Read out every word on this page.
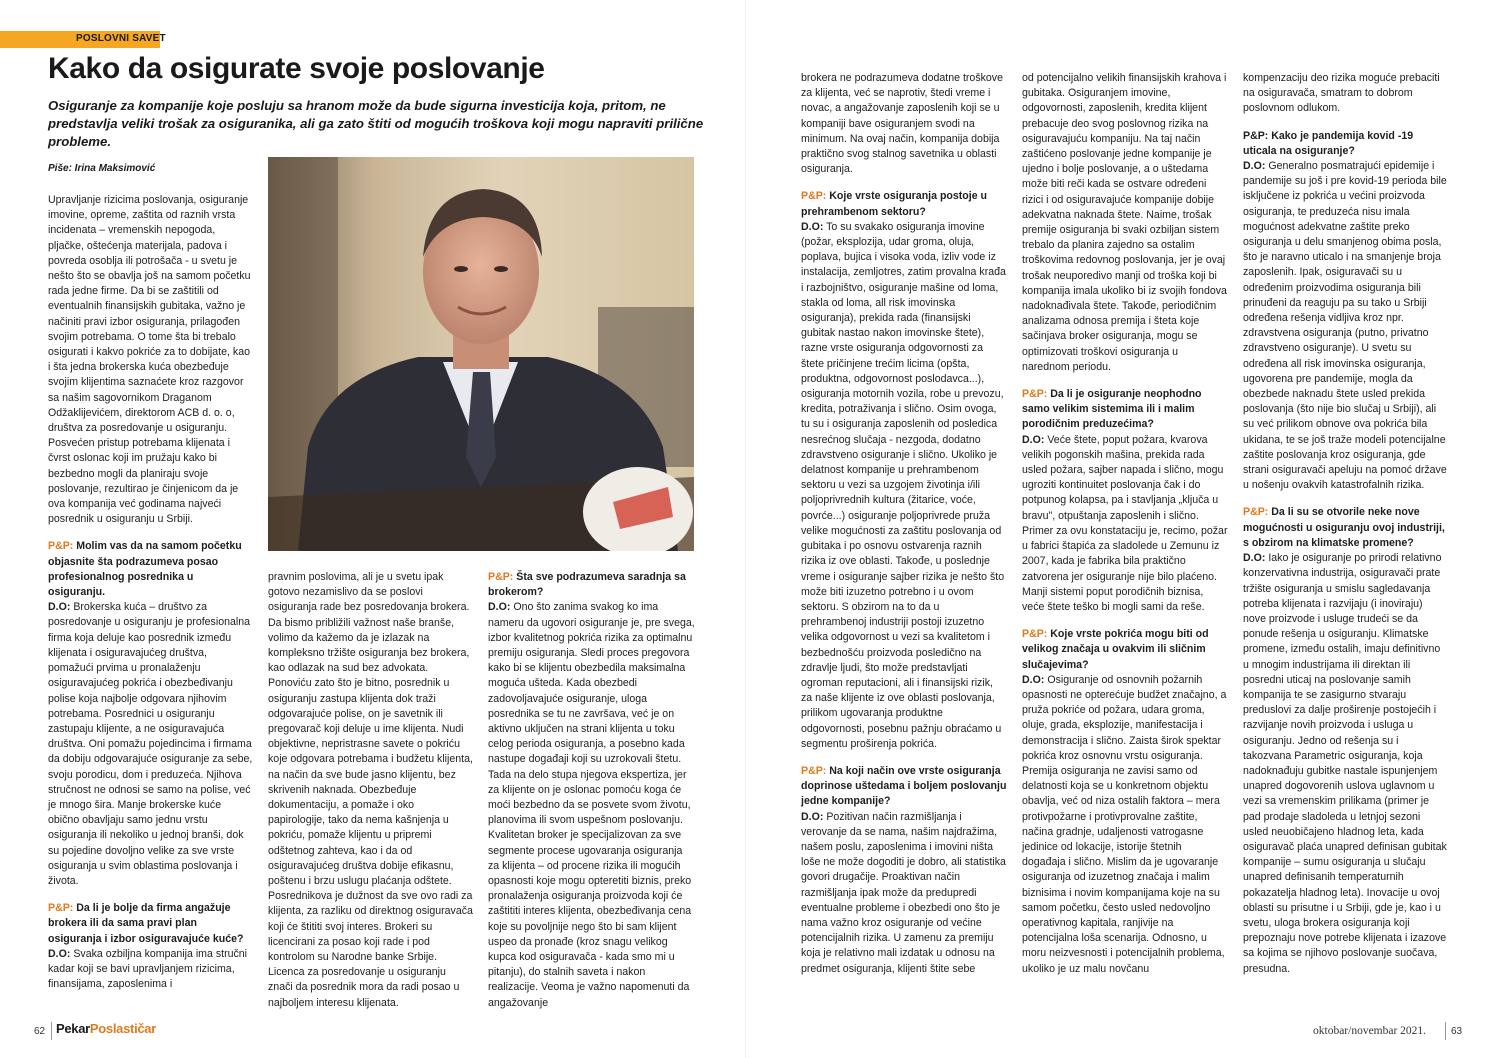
POSLOVNI SAVET
Kako da osigurate svoje poslovanje
Osiguranje za kompanije koje posluju sa hranom može da bude sigurna investicija koja, pritom, ne predstavlja veliki trošak za osiguranika, ali ga zato štiti od mogućih troškova koji mogu napraviti prilične probleme.
Piše: Irina Maksimović

Upravljanje rizicima poslovanja, osiguranje imovine, opreme, zaštita od raznih vrsta incidenata – vremenskih nepogoda, pljačke, oštećenja materijala, padova i povreda osoblja ili potrošača - u svetu je nešto što se obavlja još na samom početku rada jedne firme. Da bi se zaštitili od eventualnih finansijskih gubitaka, važno je načiniti pravi izbor osiguranja, prilagođen svojim potrebama. O tome šta bi trebalo osigurati i kakvo pokriće za to dobijate, kao i šta jedna brokerska kuća obezbeđuje svojim klijentima saznaćete kroz razgovor sa našim sagovornikom Draganom Odžaklijevićem, direktorom ACB d. o. o, društva za posredovanje u osiguranju. Posvećen pristup potrebama klijenata i čvrst oslonac koji im pružaju kako bi bezbedno mogli da planiraju svoje poslovanje, rezultirao je činjenicom da je ova kompanija već godinama najveći posrednik u osiguranju u Srbiji.

P&P: Molim vas da na samom početku objasnite šta podrazumeva posao profesionalnog posrednika u osiguranju.

D.O: Brokerska kuća – društvo za posredovanje u osiguranju je profesionalna firma koja deluje kao posrednik između klijenata i osiguravajućeg društva, pomažući prvima u pronalaženju osiguravajućeg pokrića i obezbeđivanju polise koja najbolje odgovara njihovim potrebama. Posrednici u osiguranju zastupaju klijente, a ne osiguravajuća društva. Oni pomažu pojedincima i firmama da dobiju odgovarajuće osiguranje za sebe, svoju porodicu, dom i preduzeća. Njihova stručnost ne odnosi se samo na polise, već je mnogo šira. Manje brokerske kuće obično obavljaju samo jednu vrstu osiguranja ili nekoliko u jednoj branši, dok su pojedine dovoljno velike za sve vrste osiguranja u svim oblastima poslovanja i života.

P&P: Da li je bolje da firma angažuje brokera ili da sama pravi plan osiguranja i izbor osiguravajuće kuće?

D.O: Svaka ozbiljna kompanija ima stručni kadar koji se bavi upravljanjem rizicima, finansijama, zaposlenima i

pravnim poslovima, ali je u svetu ipak gotovo nezamislivo da se poslovi osiguranja rade bez posredovanja brokera. Da bismo približili važnost naše branše, volimo da kažemo da je izlazak na kompleksno tržište osiguranja bez brokera, kao odlazak na sud bez advokata. Ponoviću zato što je bitno, posrednik u osiguranju zastupa klijenta dok traži odgovarajuće polise, on je savetnik ili pregovarač koji deluje u ime klijenta. Nudi objektivne, nepristrasne savete o pokriću koje odgovara potrebama i budžetu klijenta, na način da sve bude jasno klijentu, bez skrivenih naknada. Obezbeđuje dokumentaciju, a pomaže i oko papirologije, tako da nema kašnjenja u pokriću, pomaže klijentu u pripremi odštetnog zahteva, kao i da od osiguravajućeg društva dobije efikasnu, poštenu i brzu uslugu plaćanja odštete. Posrednikova je dužnost da sve ovo radi za klijenta, za razliku od direktnog osiguravača koji će štititi svoj interes. Brokeri su licencirani za posao koji rade i pod kontrolom su Narodne banke Srbije. Licenca za posredovanje u osiguranju znači da posrednik mora da radi posao u najboljem interesu klijenata.

P&P: Šta sve podrazumeva saradnja sa brokerom?

D.O: Ono što zanima svakog ko ima nameru da ugovori osiguranje je, pre svega, izbor kvalitetnog pokrića rizika za optimalnu premiju osiguranja. Sledi proces pregovora kako bi se klijentu obezbedila maksimalna moguća ušteda. Kada obezbedi zadovoljavajuće osiguranje, uloga posrednika se tu ne završava, već je on aktivno uključen na strani klijenta u toku celog perioda osiguranja, a posebno kada nastupe događaji koji su uzrokovali štetu. Tada na delo stupa njegova ekspertiza, jer za klijente on je oslonac pomoću koga će moći bezbedno da se posvete svom životu, planovima ili svom uspešnom poslovanju. Kvalitetan broker je specijalizovan za sve segmente procese ugovaranja osiguranja za klijenta – od procene rizika ili mogućih opasnosti koje mogu opteretiti biznis, preko pronalaženja osiguranja proizvoda koji će zaštititi interes klijenta, obezbeđivanja cena koje su povoljnije nego što bi sam klijent uspeo da pronađe (kroz snagu velikog kupca kod osiguravača - kada smo mi u pitanju), do stalnih saveta i nakon realizacije. Veoma je važno napomenuti da angažovanje

brokera ne podrazumeva dodatne troškove za klijenta, već se naprotiv, štedi vreme i novac, a angažovanje zaposlenih koji se u kompaniji bave osiguranjem svodi na minimum. Na ovaj način, kompanija dobija praktično svog stalnog savetnika u oblasti osiguranja.

P&P: Koje vrste osiguranja postoje u prehrambenom sektoru?

D.O: To su svakako osiguranja imovine (požar, eksplozija, udar groma, oluja, poplava, bujica i visoka voda, izliv vode iz instalacija, zemljotres, zatim provalna krađa i razbojništvo, osiguranje mašine od loma, stakla od loma, all risk imovinska osiguranja), prekida rada (finansijski gubitak nastao nakon imovinske štete), razne vrste osiguranja odgovornosti za štete pričinjene trećim licima (opšta, produktna, odgovornost poslodavca...), osiguranja motornih vozila, robe u prevozu, kredita, potraživanja i slično. Osim ovoga, tu su i osiguranja zaposlenih od posledica nesrećnog slučaja - nezgoda, dodatno zdravstveno osiguranje i slično. Ukoliko je delatnost kompanije u prehrambenom sektoru u vezi sa uzgojem životinja i/ili poljoprivrednih kultura (žitarice, voće, povrće...) osiguranje poljoprivrede pruža velike mogućnosti za zaštitu poslovanja od gubitaka i po osnovu ostvarenja raznih rizika iz ove oblasti. Takođe, u poslednje vreme i osiguranje sajber rizika je nešto što može biti izuzetno potrebno i u ovom sektoru. S obzirom na to da u prehrambenoj industriji postoji izuzetno velika odgovornost u vezi sa kvalitetom i bezbednošću proizvoda posledično na zdravlje ljudi, što može predstavljati ogroman reputacioni, ali i finansijski rizik, za naše klijente iz ove oblasti poslovanja, prilikom ugovaranja produktne odgovornosti, posebnu pažnju obraćamo u segmentu proširenja pokrića.

P&P: Na koji način ove vrste osiguranja doprinose uštedama i boljem poslovanju jedne kompanije?

D.O: Pozitivan način razmišljanja i verovanje da se nama, našim najdražima, našem poslu, zaposlenima i imovini ništa loše ne može dogoditi je dobro, ali statistika govori drugačije. Proaktivan način razmišljanja ipak može da predupredi eventualne probleme i obezbedi ono što je nama važno kroz osiguranje od većine potencijalnih rizika. U zamenu za premiju koja je relativno mali izdatak u odnosu na predmet osiguranja, klijenti štite sebe

od potencijalno velikih finansijskih krahova i gubitaka. Osiguranjem imovine, odgovornosti, zaposlenih, kredita klijent prebacuje deo svog poslovnog rizika na osiguravajuću kompaniju. Na taj način zaštićeno poslovanje jedne kompanije je ujedno i bolje poslovanje, a o uštedama može biti reči kada se ostvare određeni rizici i od osiguravajuće kompanije dobije adekvatna naknada štete. Naime, trošak premije osiguranja bi svaki ozbiljan sistem trebalo da planira zajedno sa ostalim troškovima redovnog poslovanja, jer je ovaj trošak neuporedivo manji od troška koji bi kompanija imala ukoliko bi iz svojih fondova nadoknađivala štete. Takođe, periodičnim analizama odnosa premija i šteta koje sačinjava broker osiguranja, mogu se optimizovati troškovi osiguranja u narednom periodu.

P&P: Da li je osiguranje neophodno samo velikim sistemima ili i malim porodičnim preduzećima?

D.O: Veće štete, poput požara, kvarova velikih pogonskih mašina, prekida rada usled požara, sajber napada i slično, mogu ugroziti kontinuitet poslovanja čak i do potpunog kolapsa, pa i stavljanja „ključa u bravu", otpuštanja zaposlenih i slično. Primer za ovu konstataciju je, recimo, požar u fabrici štapića za sladolede u Zemunu iz 2007, kada je fabrika bila praktično zatvorena jer osiguranje nije bilo plaćeno. Manji sistemi poput porodičnih biznisa, veće štete teško bi mogli sami da reše.

P&P: Koje vrste pokrića mogu biti od velikog značaja u ovakvim ili sličnim slučajevima?

D.O: Osiguranje od osnovnih požarnih opasnosti ne opterećuje budžet značajno, a pruža pokriće od požara, udara groma, oluje, grada, eksplozije, manifestacija i demonstracija i slično. Zaista širok spektar pokrića kroz osnovnu vrstu osiguranja. Premija osiguranja ne zavisi samo od delatnosti koja se u konkretnom objektu obavlja, već od niza ostalih faktora – mera protivpožarne i protivprovalne zaštite, načina gradnje, udaljenosti vatrogasne jedinice od lokacije, istorije štetnih događaja i slično. Mislim da je ugovaranje osiguranja od izuzetnog značaja i malim biznisima i novim kompanijama koje na su samom početku, često usled nedovoljno operativnog kapitala, ranjivije na potencijalna loša scenarija. Odnosno, u moru neizvesnosti i potencijalnih problema, ukoliko je uz malu novčanu

kompenzaciju deo rizika moguće prebaciti na osiguravača, smatram to dobrom poslovnom odlukom.

P&P: Kako je pandemija kovid -19 uticala na osiguranje?

D.O: Generalno posmatrajući epidemije i pandemije su još i pre kovid-19 perioda bile isključene iz pokrića u većini proizvoda osiguranja, te preduzeća nisu imala mogućnost adekvatne zaštite preko osiguranja u delu smanjenog obima posla, što je naravno uticalo i na smanjenje broja zaposlenih. Ipak, osiguravači su u određenim proizvodima osiguranja bili prinuđeni da reaguju pa su tako u Srbiji određena rešenja vidljiva kroz npr. zdravstvena osiguranja (putno, privatno zdravstveno osiguranje). U svetu su određena all risk imovinska osiguranja, ugovorena pre pandemije, mogla da obezbede naknadu štete usled prekida poslovanja (što nije bio slučaj u Srbiji), ali su već prilikom obnove ova pokrića bila ukidana, te se još traže modeli potencijalne zaštite poslovanja kroz osiguranja, gde strani osiguravači apeluju na pomoć države u nošenju ovakvih katastrofalnih rizika.

P&P: Da li su se otvorile neke nove mogućnosti u osiguranju ovoj industriji, s obzirom na klimatske promene?

D.O: Iako je osiguranje po prirodi relativno konzervativna industrija, osiguravači prate tržište osiguranja u smislu sagledavanja potreba klijenata i razvijaju (i inoviraju) nove proizvode i usluge trudeći se da ponude rešenja u osiguranju. Klimatske promene, između ostalih, imaju definitivno u mnogim industrijama ili direktan ili posredni uticaj na poslovanje samih kompanija te se zasigurno stvaraju preduslovi za dalje proširenje postojećih i razvijanje novih proizvoda i usluga u osiguranju. Jedno od rešenja su i takozvana Parametric osiguranja, koja nadoknađuju gubitke nastale ispunjenjem unapred dogovorenih uslova uglavnom u vezi sa vremenskim prilikama (primer je pad prodaje sladoleda u letnjoj sezoni usled neuobičajeno hladnog leta, kada osiguravač plaća unapred definisan gubitak kompanije – sumu osiguranja u slučaju unapred definisanih temperaturnih pokazatelja hladnog leta). Inovacije u ovoj oblasti su prisutne i u Srbiji, gde je, kao i u svetu, uloga brokera osiguranja koji prepoznaju nove potrebe klijenata i izazove sa kojima se njihovo poslovanje suočava, presudna.

62 PekarPoslastičar	oktobar/novembar 2021. 63
